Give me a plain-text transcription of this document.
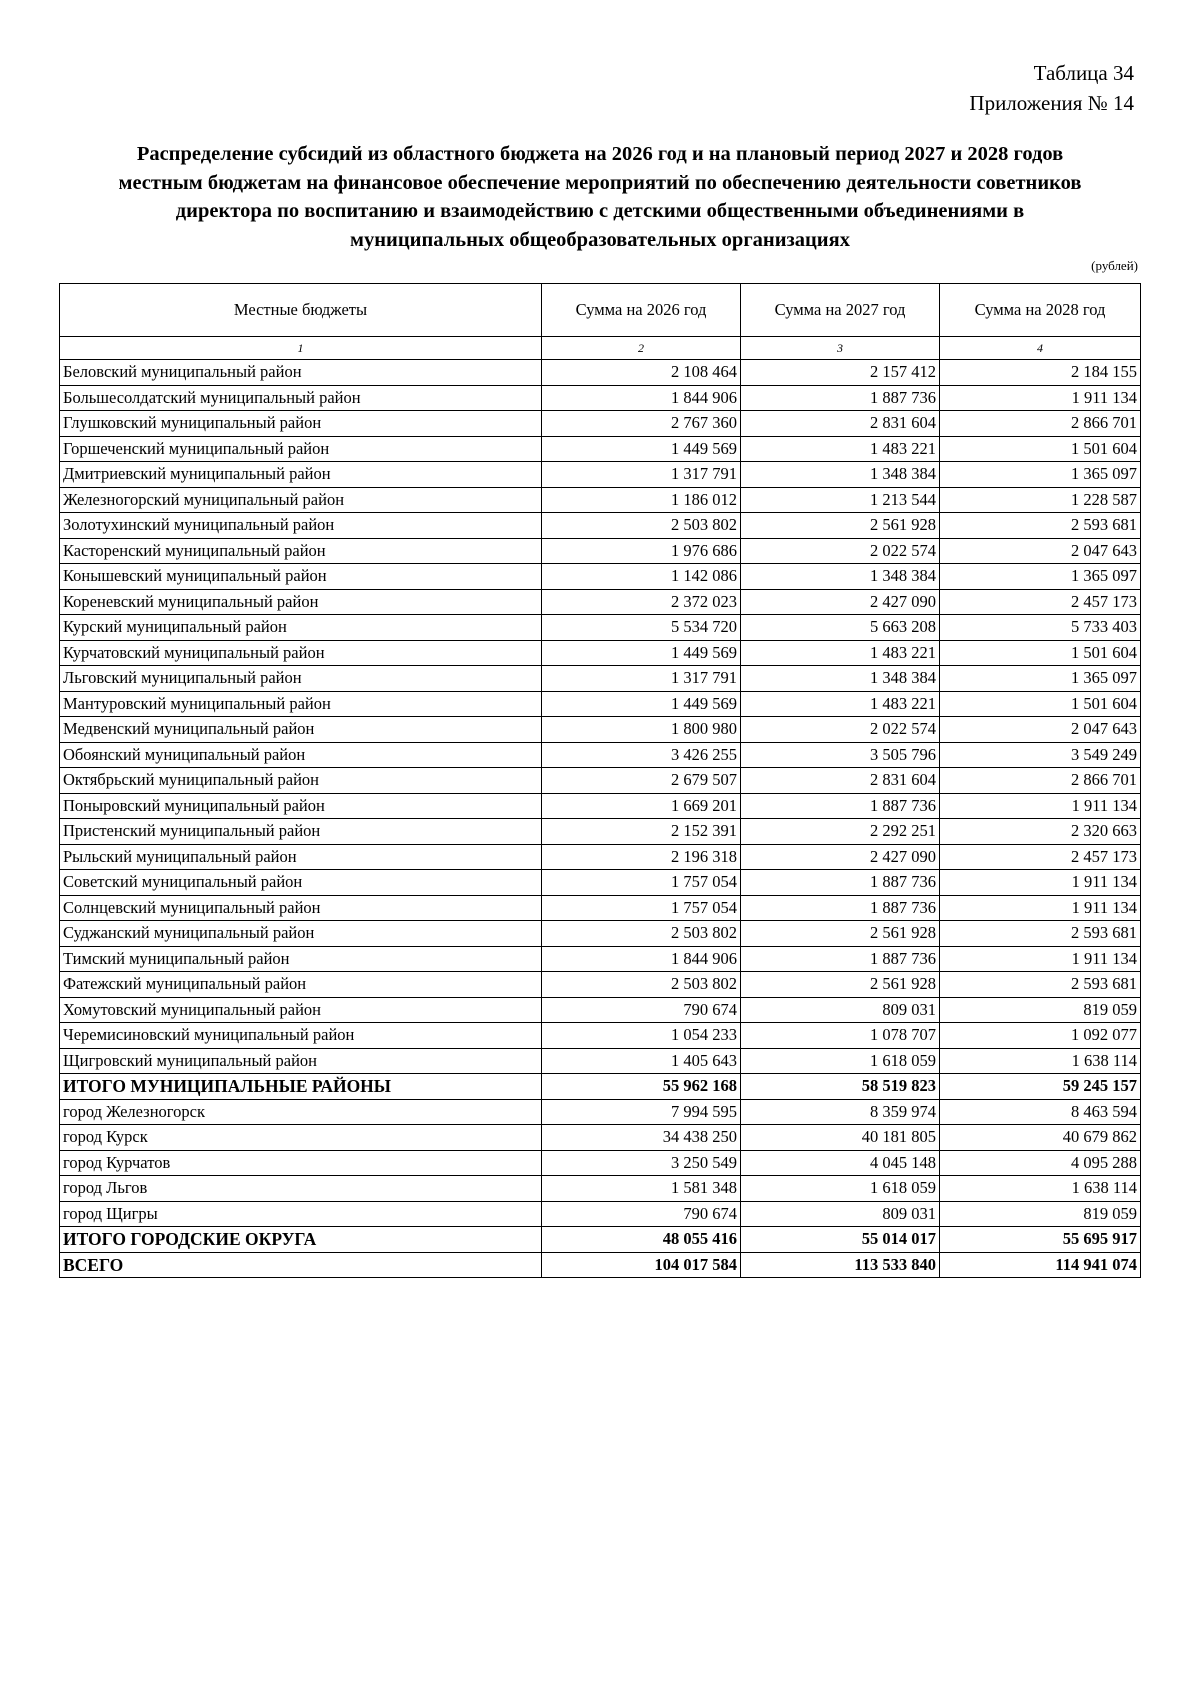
Таблица 34
Приложения № 14
Распределение субсидий из областного бюджета на 2026 год и на плановый период 2027 и 2028 годов
местным бюджетам на финансовое обеспечение мероприятий по обеспечению деятельности советников
директора по воспитанию и взаимодействию с детскими общественными объединениями в
муниципальных общеобразовательных организациях
(рублей)
Местные бюджеты	Сумма на 2026 год	Сумма на 2027 год	Сумма на 2028 год
1	2	3	4
Беловский муниципальный район	2 108 464	2 157 412	2 184 155
Большесолдатский муниципальный район	1 844 906	1 887 736	1 911 134
Глушковский муниципальный район	2 767 360	2 831 604	2 866 701
Горшеченский муниципальный район	1 449 569	1 483 221	1 501 604
Дмитриевский муниципальный район	1 317 791	1 348 384	1 365 097
Железногорский муниципальный район	1 186 012	1 213 544	1 228 587
Золотухинский муниципальный район	2 503 802	2 561 928	2 593 681
Касторенский муниципальный район	1 976 686	2 022 574	2 047 643
Конышевский муниципальный район	1 142 086	1 348 384	1 365 097
Кореневский муниципальный район	2 372 023	2 427 090	2 457 173
Курский муниципальный район	5 534 720	5 663 208	5 733 403
Курчатовский муниципальный район	1 449 569	1 483 221	1 501 604
Льговский муниципальный район	1 317 791	1 348 384	1 365 097
Мантуровский муниципальный район	1 449 569	1 483 221	1 501 604
Медвенский муниципальный район	1 800 980	2 022 574	2 047 643
Обоянский муниципальный район	3 426 255	3 505 796	3 549 249
Октябрьский муниципальный район	2 679 507	2 831 604	2 866 701
Поныровский муниципальный район	1 669 201	1 887 736	1 911 134
Пристенский муниципальный район	2 152 391	2 292 251	2 320 663
Рыльский муниципальный район	2 196 318	2 427 090	2 457 173
Советский муниципальный район	1 757 054	1 887 736	1 911 134
Солнцевский муниципальный район	1 757 054	1 887 736	1 911 134
Суджанский муниципальный район	2 503 802	2 561 928	2 593 681
Тимский муниципальный район	1 844 906	1 887 736	1 911 134
Фатежский муниципальный район	2 503 802	2 561 928	2 593 681
Хомутовский муниципальный район	790 674	809 031	819 059
Черемисиновский муниципальный район	1 054 233	1 078 707	1 092 077
Щигровский муниципальный район	1 405 643	1 618 059	1 638 114
ИТОГО МУНИЦИПАЛЬНЫЕ РАЙОНЫ	55 962 168	58 519 823	59 245 157
город Железногорск	7 994 595	8 359 974	8 463 594
город Курск	34 438 250	40 181 805	40 679 862
город Курчатов	3 250 549	4 045 148	4 095 288
город Льгов	1 581 348	1 618 059	1 638 114
город Щигры	790 674	809 031	819 059
ИТОГО ГОРОДСКИЕ ОКРУГА	48 055 416	55 014 017	55 695 917
ВСЕГО	104 017 584	113 533 840	114 941 074
